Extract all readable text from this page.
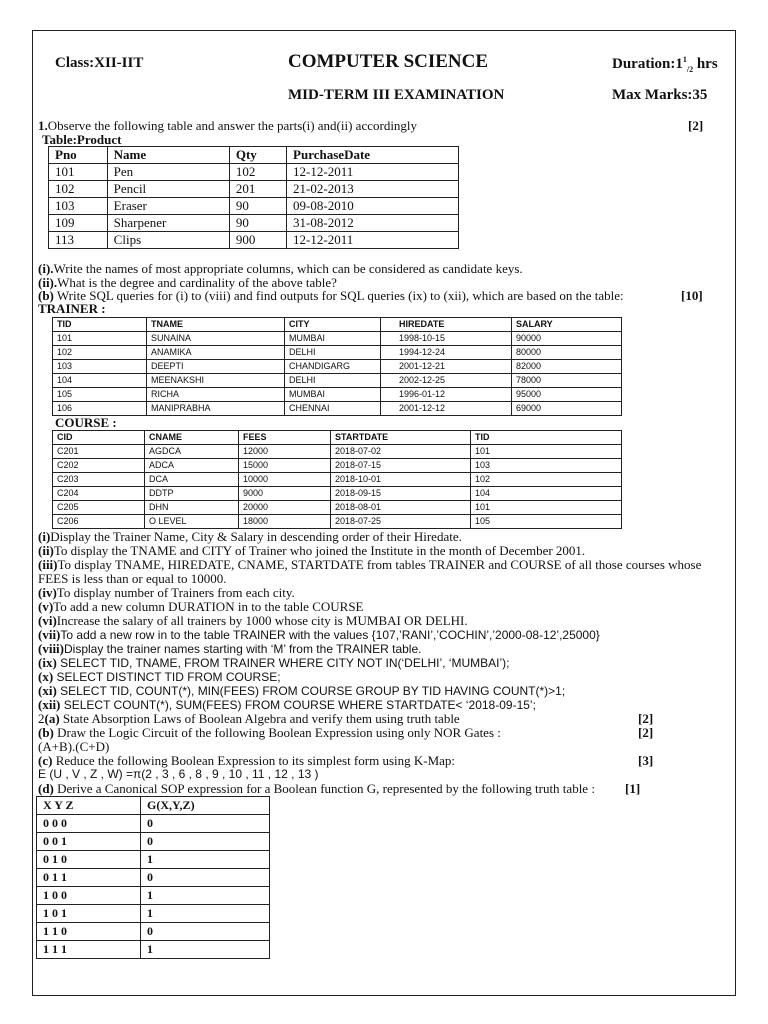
Class:XII-IIT	COMPUTER SCIENCE	$Duration:1^1_{/2}$ hrs
MID-TERM III EXAMINATION	Max Marks:35
1.Observe the following table and answer the parts(i) and(ii) accordingly	[2]
Table:Product
Pno	Name	Qty	PurchaseDate
101	Pen	102	12-12-2011
102	Pencil	201	21-02-2013
103	Eraser	90	09-08-2010
109	Sharpener	90	31-08-2012
113	Clips	900	12-12-2011
(i).Write the names of most appropriate columns, which can be considered as candidate keys.
(ii).What is the degree and cardinality of the above table?
(b) Write SQL queries for (i) to (viii) and find outputs for SQL queries (ix) to (xii), which are based on the table:	[10]
TRAINER :
TID	TNAME	CITY	HIREDATE	SALARY
101	SUNAINA	MUMBAI	1998-10-15	90000
102	ANAMIKA	DELHI	1994-12-24	80000
103	DEEPTI	CHANDIGARG	2001-12-21	82000
104	MEENAKSHI	DELHI	2002-12-25	78000
105	RICHA	MUMBAI	1996-01-12	95000
106	MANIPRABHA	CHENNAI	2001-12-12	69000
COURSE :
CID	CNAME	FEES	STARTDATE	TID
C201	AGDCA	12000	2018-07-02	101
C202	ADCA	15000	2018-07-15	103
C203	DCA	10000	2018-10-01	102
C204	DDTP	9000	2018-09-15	104
C205	DHN	20000	2018-08-01	101
C206	O LEVEL	18000	2018-07-25	105
(i)Display the Trainer Name, City & Salary in descending order of their Hiredate.
(ii)To display the TNAME and CITY of Trainer who joined the Institute in the month of December 2001.
(iii)To display TNAME, HIREDATE, CNAME, STARTDATE from tables TRAINER and COURSE of all those courses whose
FEES is less than or equal to 10000.
(iv)To display number of Trainers from each city.
(v)To add a new column DURATION in to the table COURSE
(vi)Increase the salary of all trainers by 1000 whose city is MUMBAI OR DELHI.
(vii)To add a new row in to the table TRAINER with the values {107,’RANI’,’COCHIN’,’2000-08-12’,25000}
(viii)Display the trainer names starting with ‘M’ from the TRAINER table.
(ix) SELECT TID, TNAME, FROM TRAINER WHERE CITY NOT IN(‘DELHI’, ‘MUMBAI’);
(x) SELECT DISTINCT TID FROM COURSE;
(xi) SELECT TID, COUNT(*), MIN(FEES) FROM COURSE GROUP BY TID HAVING COUNT(*)>1;
(xii) SELECT COUNT(*), SUM(FEES) FROM COURSE WHERE STARTDATE< ‘2018-09-15’;
2(a) State Absorption Laws of Boolean Algebra and verify them using truth table	[2]
(b) Draw the Logic Circuit of the following Boolean Expression using only NOR Gates :	[2]
(A+B).(C+D)
(c) Reduce the following Boolean Expression to its simplest form using K-Map:	[3]
E (U , V , Z , W) =π(2 , 3 , 6 , 8 , 9 , 10 , 11 , 12 , 13 )
(d) Derive a Canonical SOP expression for a Boolean function G, represented by the following truth table : [1]
X Y Z	G(X,Y,Z)
0 0 0	0
0 0 1	0
0 1 0	1
0 1 1	0
1 0 0	1
1 0 1	1
1 1 0	0
1 1 1	1
